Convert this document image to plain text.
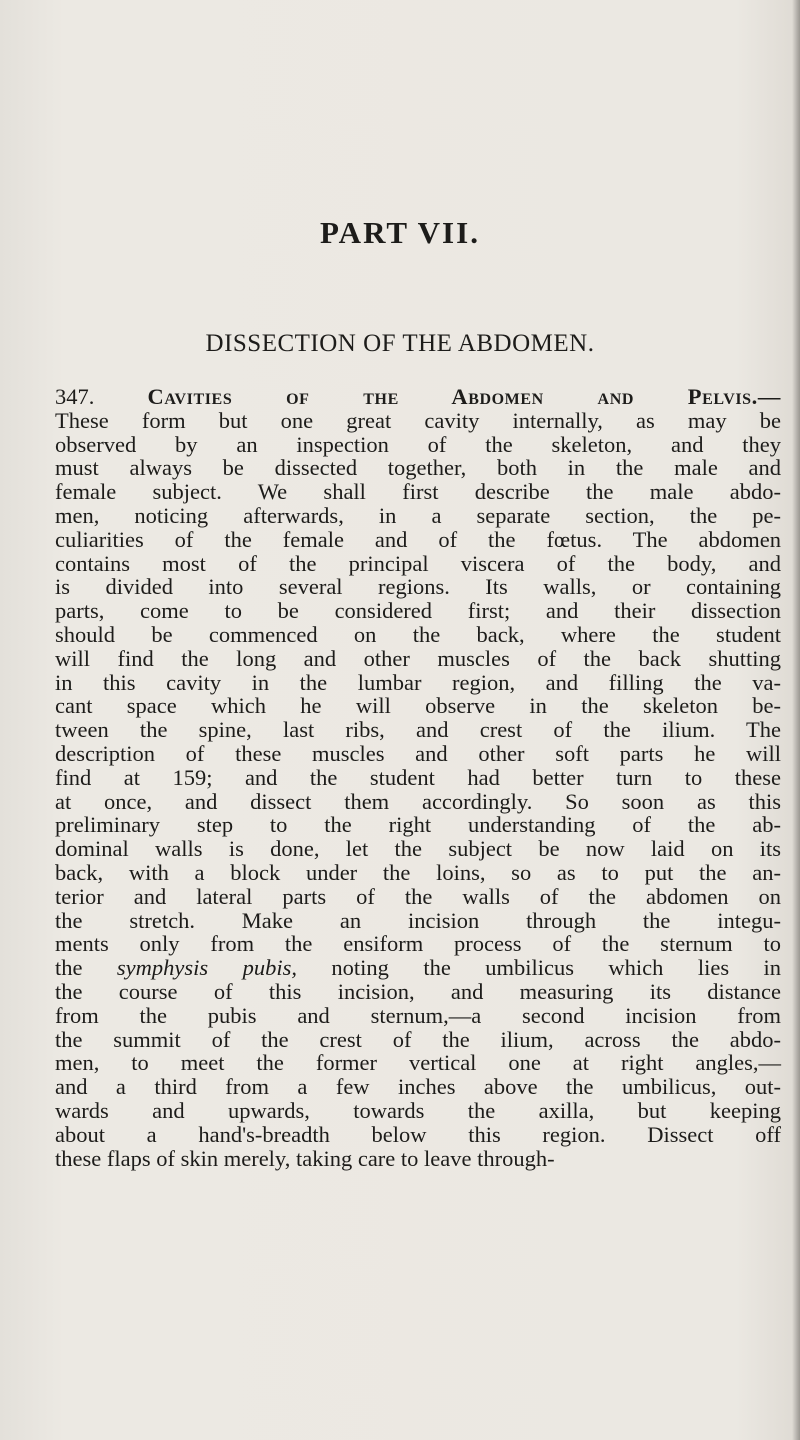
PART VII.
DISSECTION OF THE ABDOMEN.
347. Cavities of the Abdomen and Pelvis.—
These form but one great cavity internally, as may be
observed by an inspection of the skeleton, and they
must always be dissected together, both in the male and
female subject. We shall first describe the male abdo-
men, noticing afterwards, in a separate section, the pe-
culiarities of the female and of the fœtus. The abdomen
contains most of the principal viscera of the body, and
is divided into several regions. Its walls, or containing
parts, come to be considered first; and their dissection
should be commenced on the back, where the student
will find the long and other muscles of the back shutting
in this cavity in the lumbar region, and filling the va-
cant space which he will observe in the skeleton be-
tween the spine, last ribs, and crest of the ilium. The
description of these muscles and other soft parts he will
find at 159; and the student had better turn to these
at once, and dissect them accordingly. So soon as this
preliminary step to the right understanding of the ab-
dominal walls is done, let the subject be now laid on its
back, with a block under the loins, so as to put the an-
terior and lateral parts of the walls of the abdomen on
the stretch. Make an incision through the integu-
ments only from the ensiform process of the sternum to
the symphysis pubis, noting the umbilicus which lies in
the course of this incision, and measuring its distance
from the pubis and sternum,—a second incision from
the summit of the crest of the ilium, across the abdo-
men, to meet the former vertical one at right angles,—
and a third from a few inches above the umbilicus, out-
wards and upwards, towards the axilla, but keeping
about a hand's-breadth below this region. Dissect off
these flaps of skin merely, taking care to leave through-
